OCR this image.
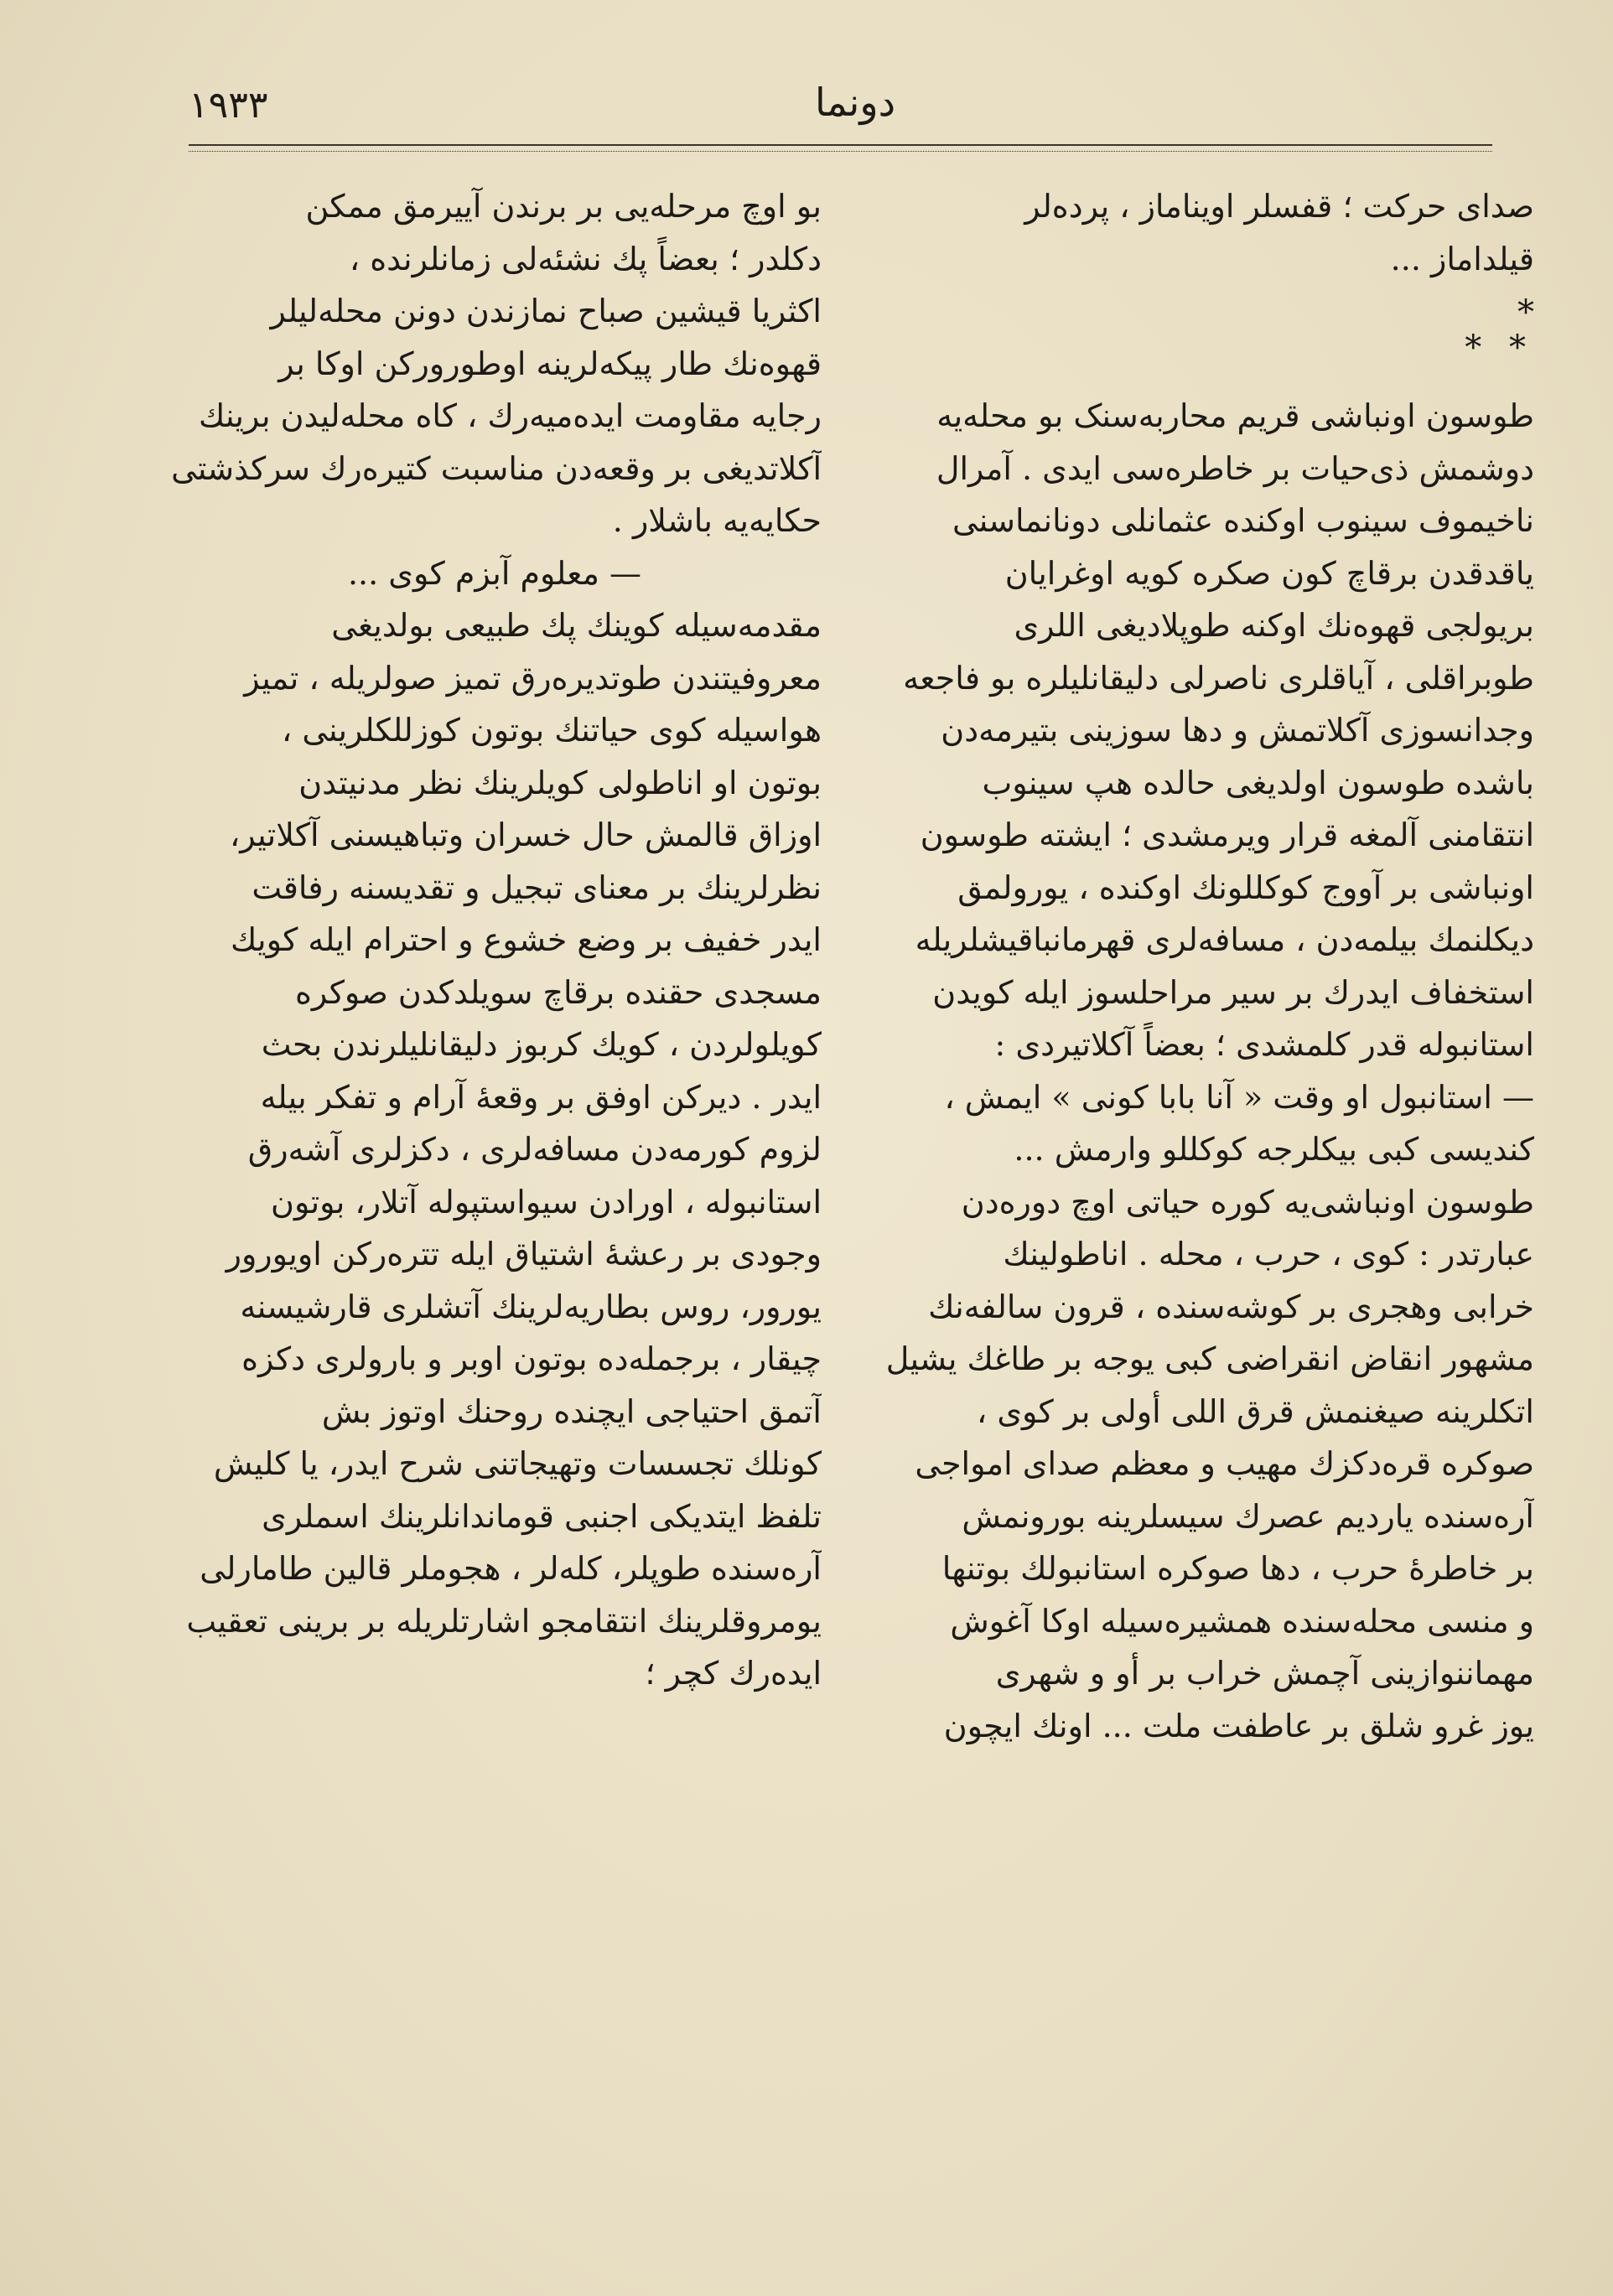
١٩٣٣	دونما
صدای حرکت ؛ قفسلر اویناماز ، پرده‌لر
قیلداماز ...
*
* *
طوسون اونباشی قریم محاربه‌سنک بو محله‌یه
دوشمش ذی‌حیات بر خاطره‌سی ایدی . آمرال
ناخیموف سینوب اوکنده عثمانلی دونانماسنی
یاقدقدن برقاچ کون صکره کویه اوغرایان
بریولجی قهوه‌نك اوکنه طوپلادیغی اللری
طوبراقلی ، آیاقلری ناصرلی دلیقانلیلره بو فاجعه‌
وجدانسوزی آکلاتمش و دها سوزینی بتیرمه‌دن
باشده طوسون اولدیغی حالده هپ سینوب
انتقامنی آلمغه قرار ویرمشدی ؛ ایشته طوسون
اونباشی بر آووج کوکللونك اوکنده ، یورولمق
دیکلنمك بیلمه‌دن ، مسافه‌لری قهرمانباقیشلریله
استخفاف ایدرك بر سیر مراحلسوز ایله کویدن
استانبوله قدر کلمشدی ؛ بعضاً آکلاتیردی :
— استانبول او وقت « آنا بابا کونی » ایمش ،
کندیسی کبی بیکلرجه کوکللو وارمش ...
طوسون اونباشی‌یه کوره حیاتی اوچ دوره‌دن
عبارتدر : کوی ، حرب ، محله . اناطولینك
خرابی وهجری بر کوشه‌سنده ، قرون سالفه‌نك
مشهور انقاض انقراضی کبی یوجه بر طاغك یشیل
اتکلرینه صیغنمش قرق اللی أولی بر کوی ،
صوکره قره‌دکزك مهیب و معظم صدای امواجی
آره‌سنده یاردیم عصرك سیسلرینه بورونمش
بر خاطرهٔ حرب ، دها صوکره استانبولك بوتنها
و منسی محله‌سنده همشیره‌سیله اوکا آغوش
مهماننوازینی آچمش خراب بر أو و شهری
یوز غرو شلق بر عاطفت ملت ... اونك ایچون
بو اوچ مرحله‌یی بر برندن آییرمق ممکن
دکلدر ؛ بعضاً پك نشئه‌لی زمانلرنده ،
اکثریا قیشین صباح نمازندن دونن محله‌لیلر
قهوه‌نك طار پیکه‌لرینه اوطورورکن اوکا بر
رجایه مقاومت ایده‌میه‌رك ، کاه محله‌لیدن برینك
آکلاتدیغی بر وقعه‌دن مناسبت کتیره‌رك سرکذشتی
حکایه‌یه باشلار .
— معلوم آبزم کوی ...
مقدمه‌سیله کوینك پك طبیعی بولدیغی
معروفیتندن طوتدیره‌رق تمیز صولریله ، تمیز
هواسیله کوی حیاتنك بوتون کوزللكلرینی ،
بوتون او اناطولی کویلرینك نظر مدنیتدن
اوزاق قالمش حال خسران وتباهیسنی آکلاتیر،
نظرلرینك بر معنای تبجیل و تقدیسنه رفاقت
ایدر خفیف بر وضع خشوع و احترام ایله کویك
مسجدی حقنده برقاچ سویلدکدن صوکره
کویلولردن ، کویك کربوز دلیقانلیلرندن بحث
ایدر . دیرکن اوفق بر وقعهٔ آرام و تفکر بیله
لزوم کورمه‌دن مسافه‌لری ، دکزلری آشه‌رق
استانبوله ، اورادن سیواستپوله آتلار، بوتون
وجودی بر رعشهٔ اشتیاق ایله تتره‌رکن اویورور
یورور، روس بطاریه‌لرینك آتشلری قارشیسنه
چیقار ، برجمله‌ده بوتون اوبر و بارولری دکزه
آتمق احتیاجی ایچنده روحنك اوتوز بش
کونلك تجسسات وتهیجاتنی شرح ایدر، یا کلیش
تلفظ ایتدیکی اجنبی قوماندانلرینك اسملری
آره‌سنده طوپلر، کله‌لر ، هجوملر قالین طامارلی
یومروقلرینك انتقامجو اشارتلریله بر برینی تعقیب
ایده‌رك کچر ؛
